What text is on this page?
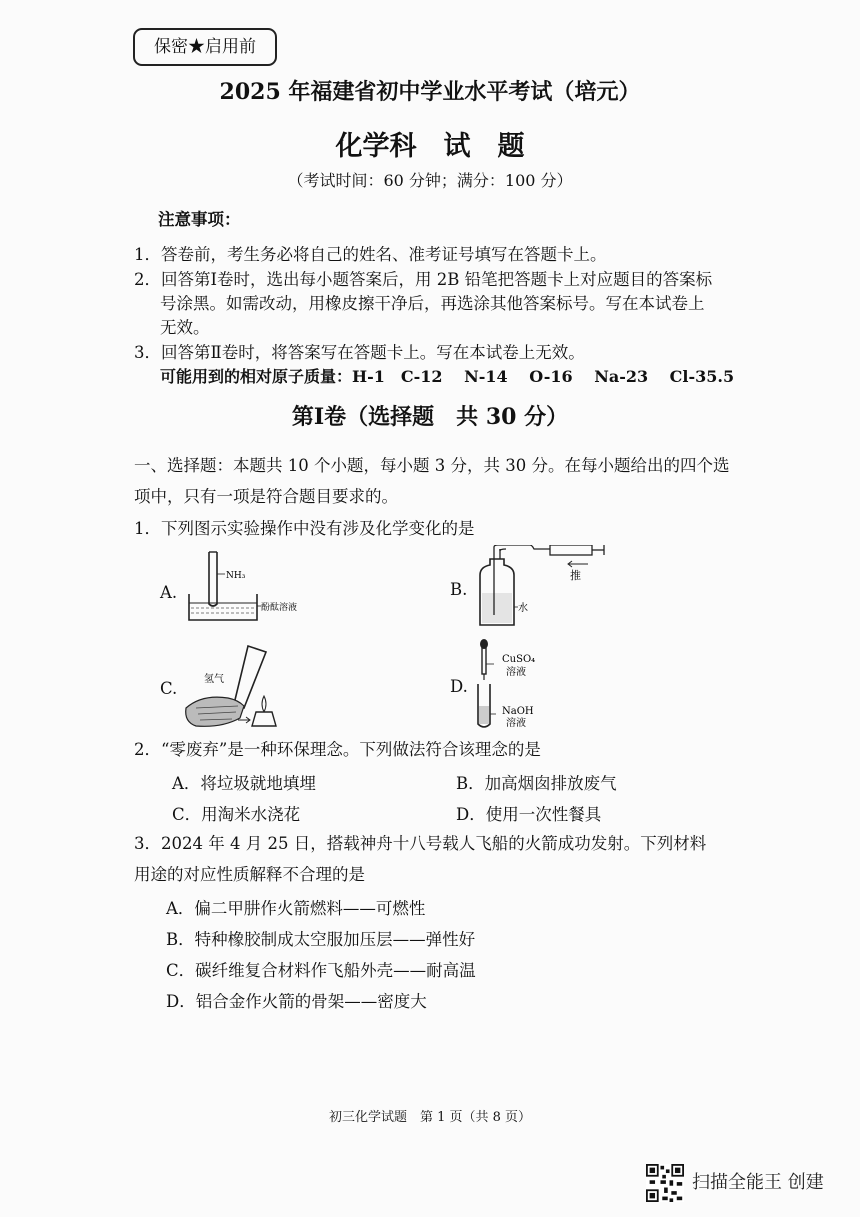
保密★启用前
2025 年福建省初中学业水平考试（培元）
化学科　试　题
（考试时间：60 分钟；满分：100 分）
注意事项：
1．答卷前，考生务必将自己的姓名、准考证号填写在答题卡上。
2．回答第Ⅰ卷时，选出每小题答案后，用 2B 铅笔把答题卡上对应题目的答案标
号涂黑。如需改动，用橡皮擦干净后，再选涂其他答案标号。写在本试卷上
无效。
3．回答第Ⅱ卷时，将答案写在答题卡上。写在本试卷上无效。
可能用到的相对原子质量：H-1　C-12　 N-14　 O-16　 Na-23　 Cl-35.5
第Ⅰ卷（选择题　共 30 分）
一、选择题：本题共 10 个小题，每小题 3 分，共 30 分。在每小题给出的四个选
项中，只有一项是符合题目要求的。
1．下列图示实验操作中没有涉及化学变化的是
A.
NH₃
酚酞溶液
B.
推
水
C.	氢气	D.
CuSO₄
溶液
NaOH
溶液
2．“零废弃”是一种环保理念。下列做法符合该理念的是
A．将垃圾就地填埋	B．加高烟囱排放废气
C．用淘米水浇花	D．使用一次性餐具
3．2024 年 4 月 25 日，搭载神舟十八号载人飞船的火箭成功发射。下列材料
用途的对应性质解释不合理的是
A．偏二甲肼作火箭燃料——可燃性
B．特种橡胶制成太空服加压层——弹性好
C．碳纤维复合材料作飞船外壳——耐高温
D．铝合金作火箭的骨架——密度大
初三化学试题　第 1 页（共 8 页）
扫描全能王 创建
